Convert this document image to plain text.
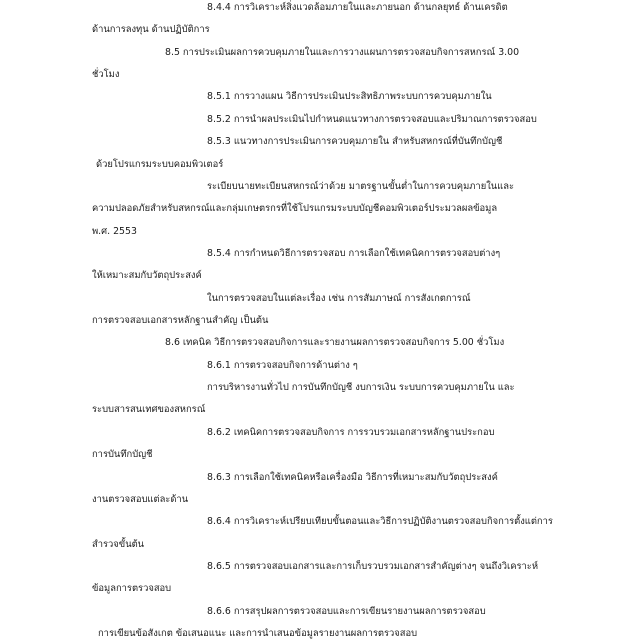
8.4.4 การวิเคราะห์สิ่งแวดล้อมภายในและภายนอก ด้านกลยุทธ์ ด้านเครดิต
ด้านการลงทุน ด้านปฏิบัติการ
8.5 การประเมินผลการควบคุมภายในและการวางแผนการตรวจสอบกิจการสหกรณ์ 3.00
ชั่วโมง
8.5.1 การวางแผน วิธีการประเมินประสิทธิภาพระบบการควบคุมภายใน
8.5.2 การนำผลประเมินไปกำหนดแนวทางการตรวจสอบและปริมาณการตรวจสอบ
8.5.3 แนวทางการประเมินการควบคุมภายใน สำหรับสหกรณ์ที่บันทึกบัญชี
ด้วยโปรแกรมระบบคอมพิวเตอร์
ระเบียบนายทะเบียนสหกรณ์ว่าด้วย มาตรฐานขั้นต่ำในการควบคุมภายในและ
ความปลอดภัยสำหรับสหกรณ์และกลุ่มเกษตรกรที่ใช้โปรแกรมระบบบัญชีคอมพิวเตอร์ประมวลผลข้อมูล
พ.ศ. 2553
8.5.4 การกำหนดวิธีการตรวจสอบ การเลือกใช้เทคนิคการตรวจสอบต่างๆ
ให้เหมาะสมกับวัตถุประสงค์
ในการตรวจสอบในแต่ละเรื่อง เช่น การสัมภาษณ์ การสังเกตการณ์
การตรวจสอบเอกสารหลักฐานสำคัญ เป็นต้น
8.6 เทคนิค วิธีการตรวจสอบกิจการและรายงานผลการตรวจสอบกิจการ 5.00 ชั่วโมง
8.6.1 การตรวจสอบกิจการด้านต่าง ๆ
การบริหารงานทั่วไป การบันทึกบัญชี งบการเงิน ระบบการควบคุมภายใน และ
ระบบสารสนเทศของสหกรณ์
8.6.2 เทคนิคการตรวจสอบกิจการ การรวบรวมเอกสารหลักฐานประกอบ
การบันทึกบัญชี
8.6.3 การเลือกใช้เทคนิคหรือเครื่องมือ วิธีการที่เหมาะสมกับวัตถุประสงค์
งานตรวจสอบแต่ละด้าน
8.6.4 การวิเคราะห์เปรียบเทียบขั้นตอนและวิธีการปฏิบัติงานตรวจสอบกิจการตั้งแต่การ
สำรวจขั้นต้น
8.6.5 การตรวจสอบเอกสารและการเก็บรวบรวมเอกสารสำคัญต่างๆ จนถึงวิเคราะห์
ข้อมูลการตรวจสอบ
8.6.6 การสรุปผลการตรวจสอบและการเขียนรายงานผลการตรวจสอบ
การเขียนข้อสังเกต ข้อเสนอแนะ และการนำเสนอข้อมูลรายงานผลการตรวจสอบ
